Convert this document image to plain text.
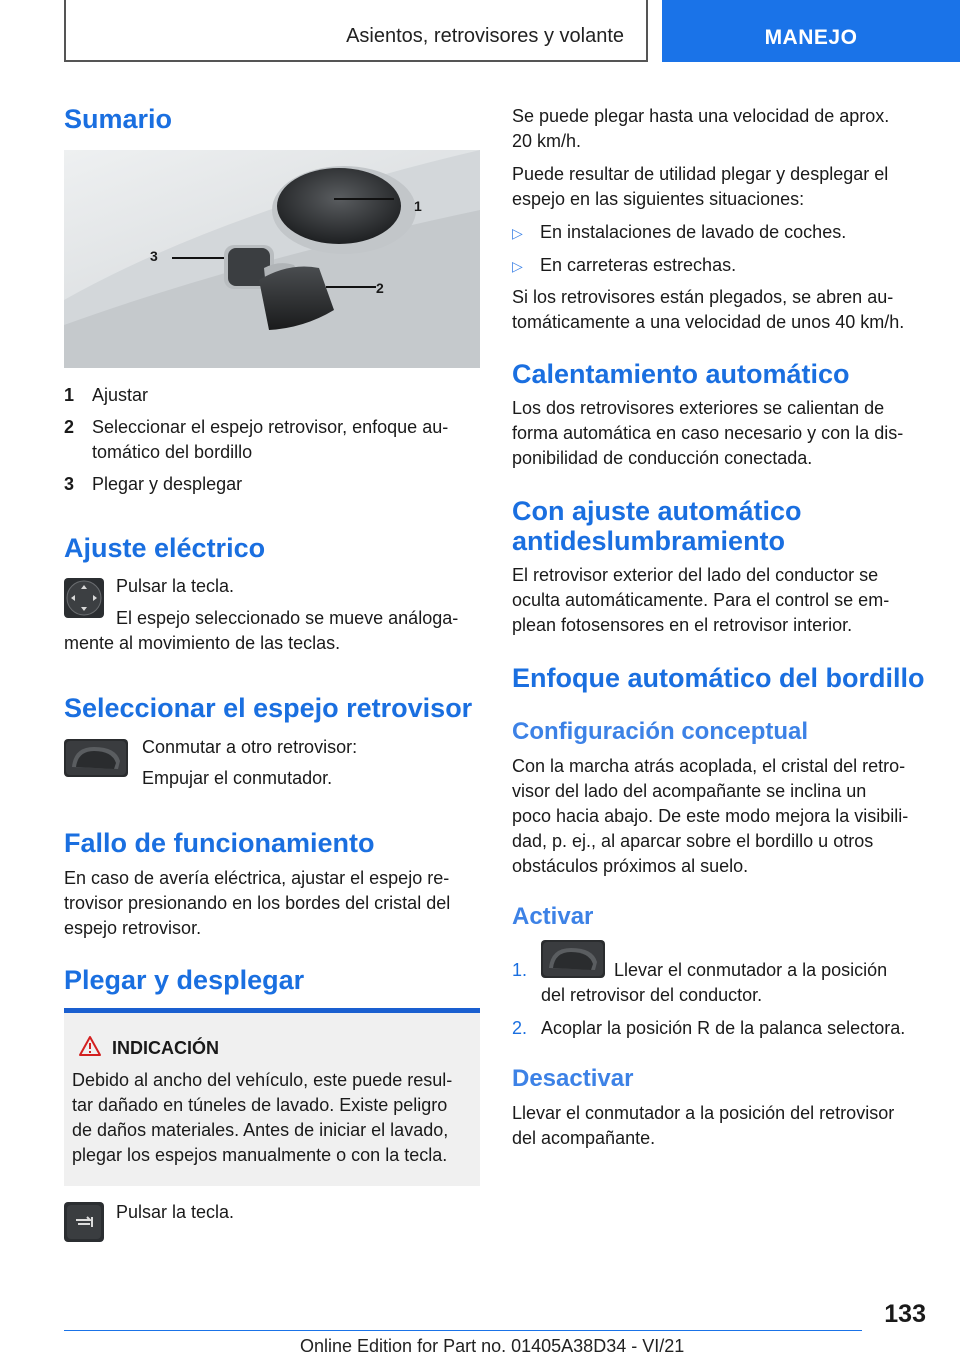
Asientos, retrovisores y volante	MANEJO
Sumario
1
2
3
1 Ajustar
2 Seleccionar el espejo retrovisor, enfoque au-
tomático del bordillo
3 Plegar y desplegar
Ajuste eléctrico

Pulsar la tecla.

El espejo seleccionado se mueve análoga-

mente al movimiento de las teclas.

Seleccionar el espejo retrovisor

Conmutar a otro retrovisor:

Empujar el conmutador.

Fallo de funcionamiento

En caso de avería eléctrica, ajustar el espejo re-

trovisor presionando en los bordes del cristal del

espejo retrovisor.

Plegar y desplegar
INDICACIÓN

Debido al ancho del vehículo, este puede resul-

tar dañado en túneles de lavado. Existe peligro

de daños materiales. Antes de iniciar el lavado,

plegar los espejos manualmente o con la tecla.

Pulsar la tecla.

Se puede plegar hasta una velocidad de aprox.

20 km/h.

Puede resultar de utilidad plegar y desplegar el

espejo en las siguientes situaciones:

▷ En instalaciones de lavado de coches.
▷ En carreteras estrechas.

Si los retrovisores están plegados, se abren au-

tomáticamente a una velocidad de unos 40 km/h.

Calentamiento automático

Los dos retrovisores exteriores se calientan de

forma automática en caso necesario y con la dis-

ponibilidad de conducción conectada.

Con ajuste automático
antideslumbramiento

El retrovisor exterior del lado del conductor se

oculta automáticamente. Para el control se em-

plean fotosensores en el retrovisor interior.

Enfoque automático del bordillo
Configuración conceptual

Con la marcha atrás acoplada, el cristal del retro-

visor del lado del acompañante se inclina un

poco hacia abajo. De este modo mejora la visibili-

dad, p. ej., al aparcar sobre el bordillo u otros

obstáculos próximos al suelo.

Activar
1.	Llevar el conmutador a la posición

del retrovisor del conductor.

2. Acoplar la posición R de la palanca selectora.

Desactivar

Llevar el conmutador a la posición del retrovisor

del acompañante.

133
Online Edition for Part no. 01405A38D34 - VI/21
